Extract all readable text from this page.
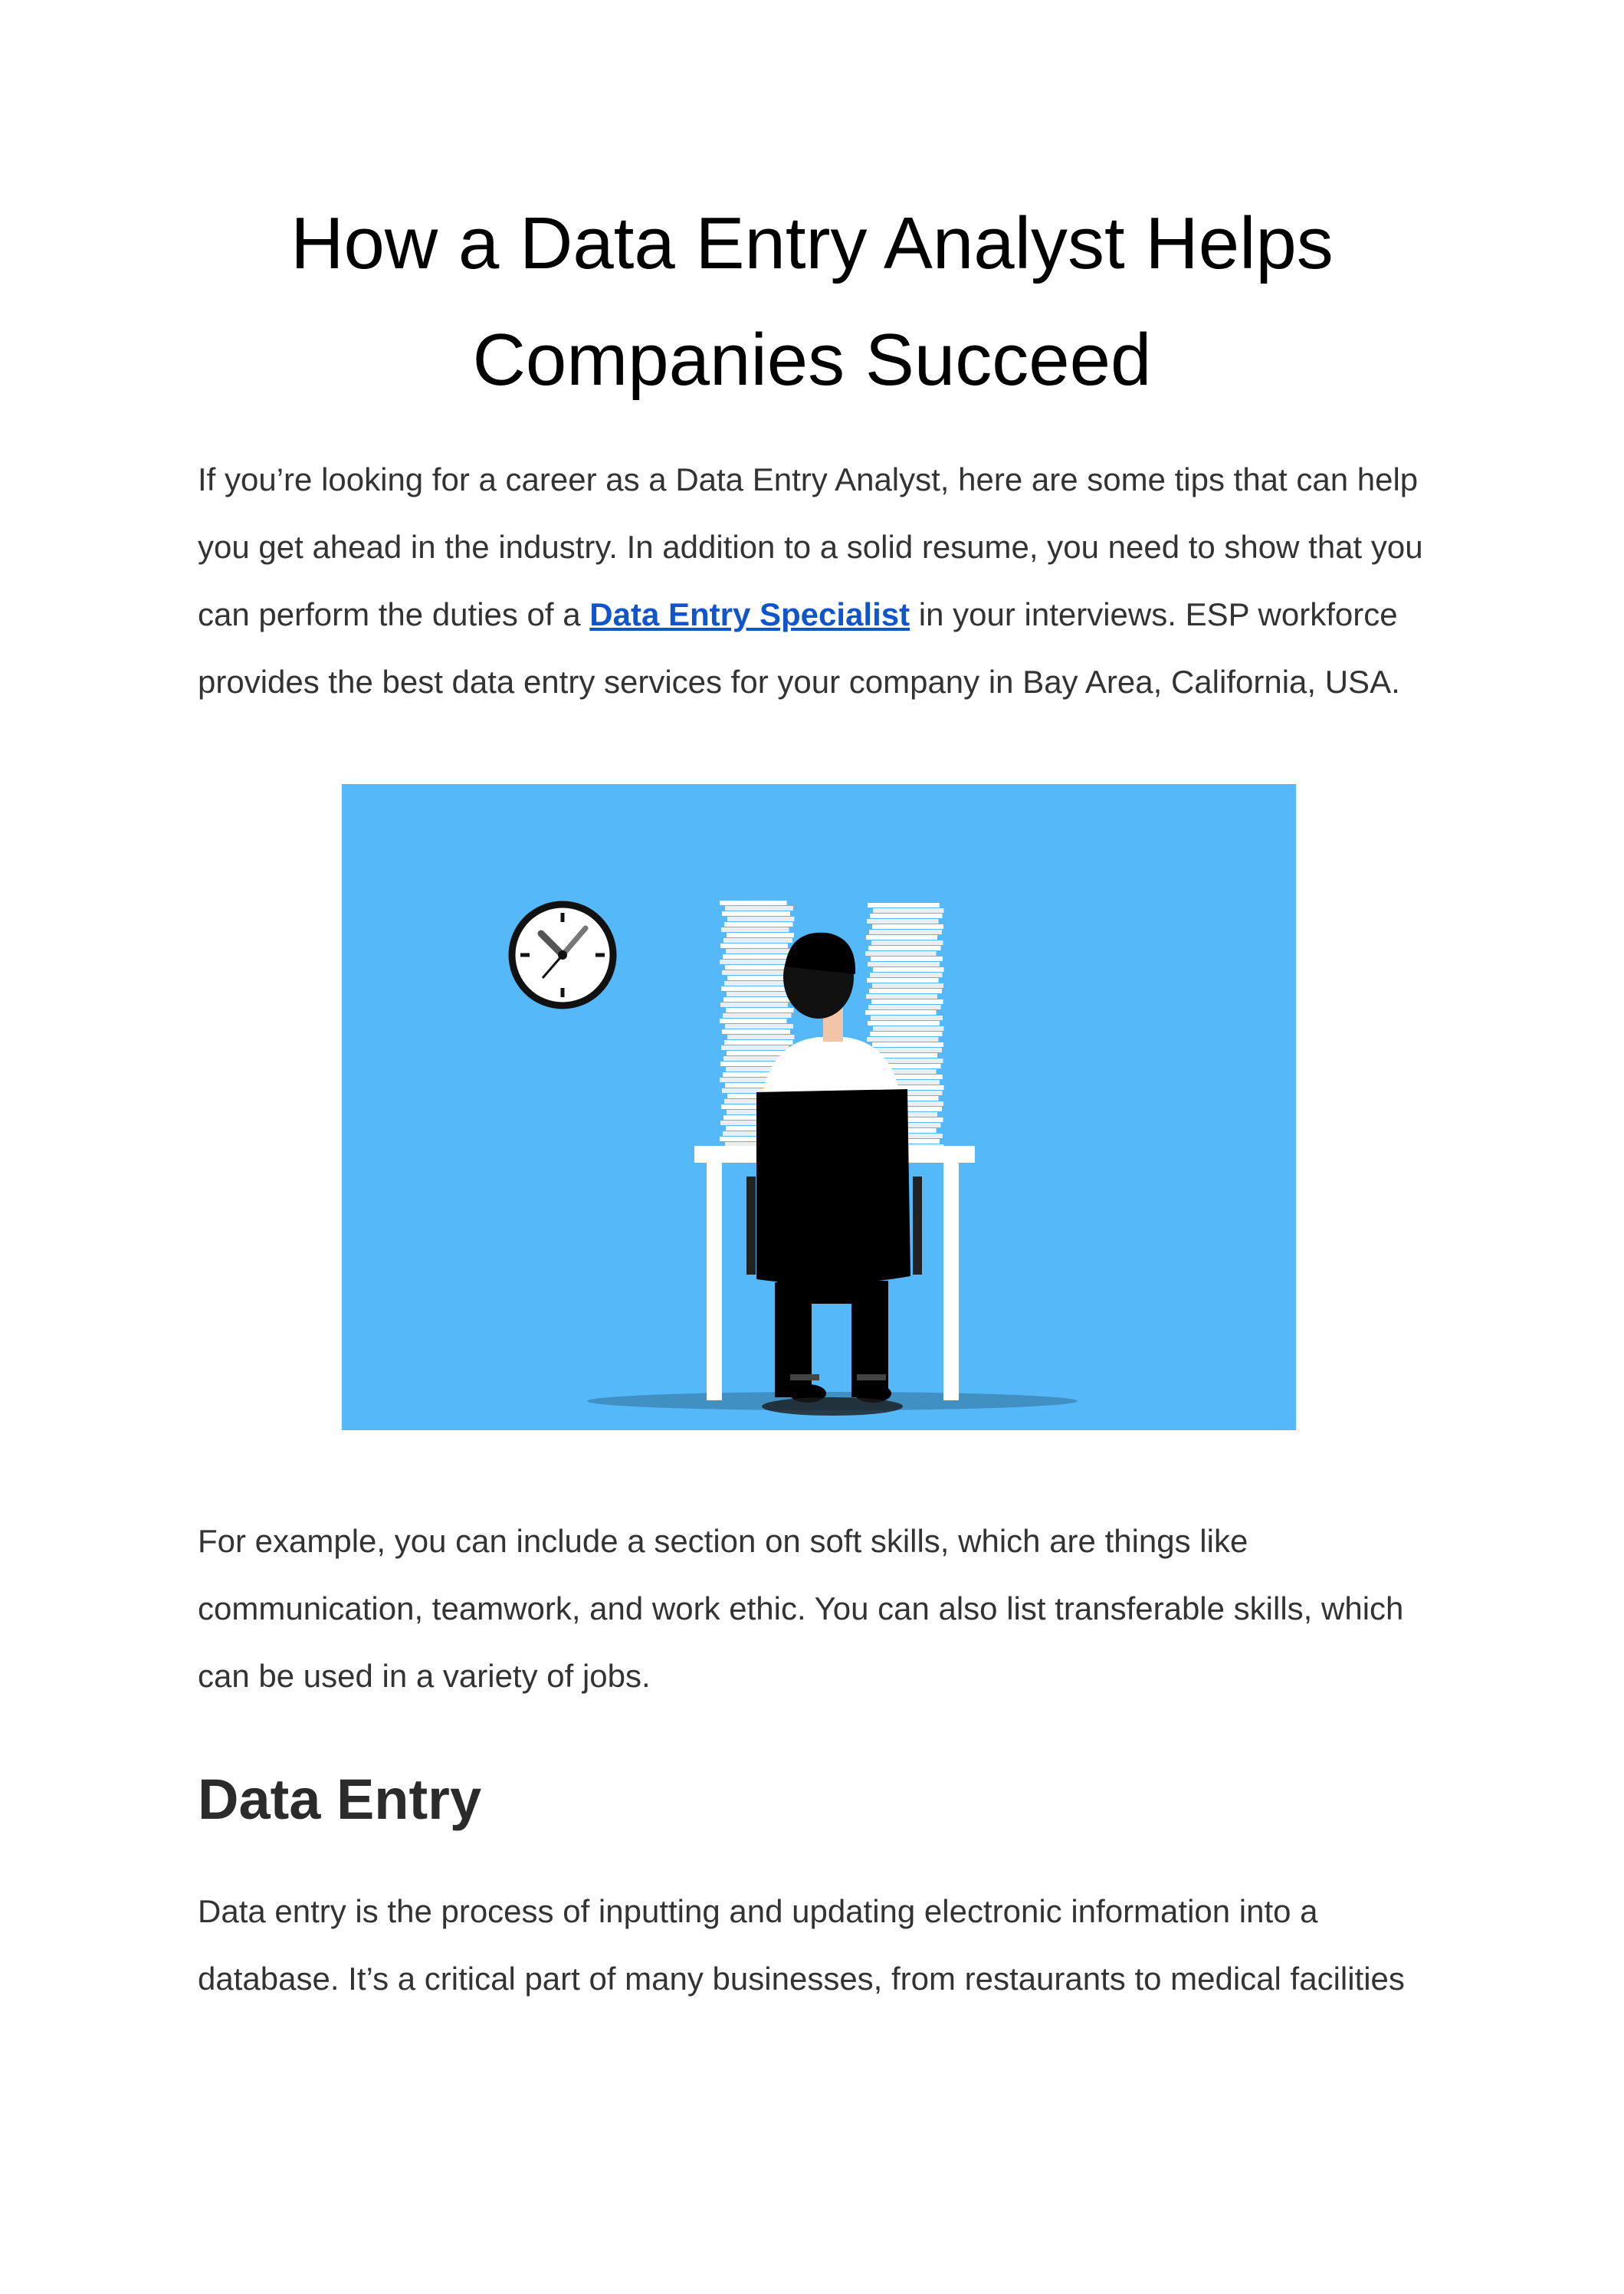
How a Data Entry Analyst Helps
Companies Succeed

If you’re looking for a career as a Data Entry Analyst, here are some tips that can help
you get ahead in the industry. In addition to a solid resume, you need to show that you
can perform the duties of a Data Entry Specialist in your interviews. ESP workforce
provides the best data entry services for your company in Bay Area, California, USA.

For example, you can include a section on soft skills, which are things like
communication, teamwork, and work ethic. You can also list transferable skills, which
can be used in a variety of jobs.

Data Entry

Data entry is the process of inputting and updating electronic information into a
database. It’s a critical part of many businesses, from restaurants to medical facilities
